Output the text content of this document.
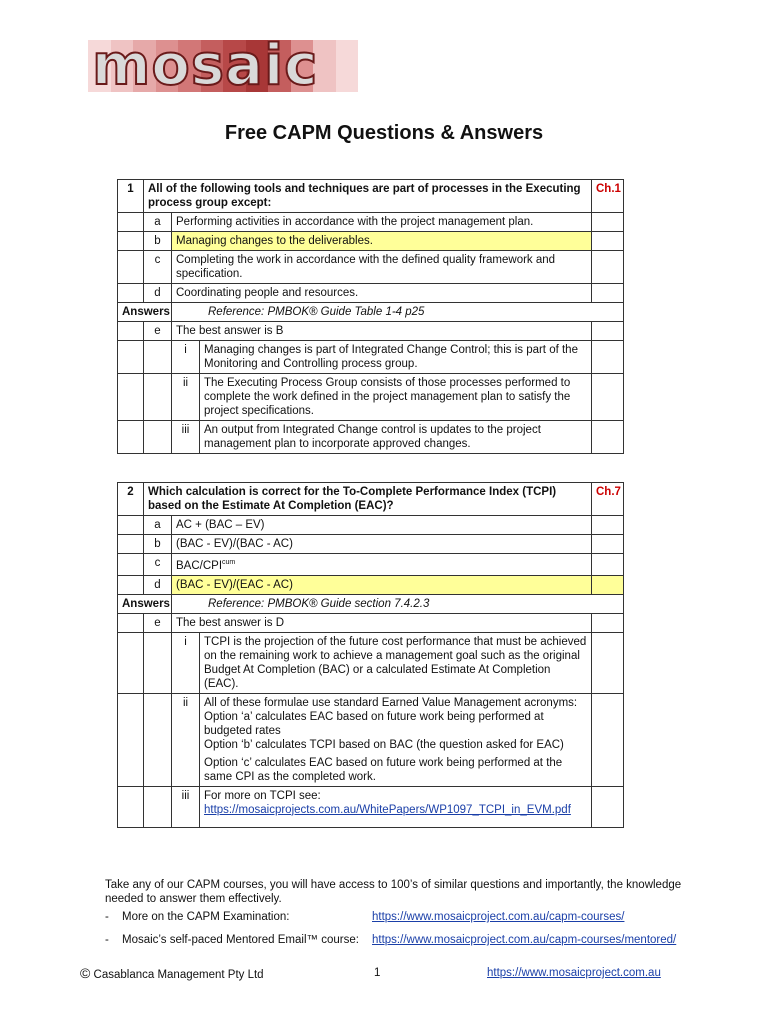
mosaic
Free CAPM Questions & Answers
1	All of the following tools and techniques are part of processes in the Executing process group except:			Ch.1
	a	Performing activities in accordance with the project management plan.		
	b	Managing changes to the deliverables.		
	c	Completing the work in accordance with the defined quality framework and specification.		
	d	Coordinating people and resources.		
Answers		Reference: PMBOK® Guide Table 1-4 p25		
	e	The best answer is B		
		i	Managing changes is part of Integrated Change Control; this is part of the Monitoring and Controlling process group.	
		ii	The Executing Process Group consists of those processes performed to complete the work defined in the project management plan to satisfy the project specifications.	
		iii	An output from Integrated Change control is updates to the project management plan to incorporate approved changes.	
2	Which calculation is correct for the To-Complete Performance Index (TCPI) based on the Estimate At Completion (EAC)?			Ch.7
	a	AC + (BAC – EV)		
	b	(BAC - EV)/(BAC - AC)		
	c	BAC/$CPI^{cum}$	
	d	(BAC - EV)/(EAC - AC)		
Answers		Reference: PMBOK® Guide section 7.4.2.3		
	e	The best answer is D		
		i	TCPI is the projection of the future cost performance that must be achieved on the remaining work to achieve a management goal such as the original Budget At Completion (BAC) or a calculated Estimate At Completion (EAC).	
		ii	All of these formulae use standard Earned Value Management acronyms:

Option ‘a’ calculates EAC based on future work being performed at budgeted rates

Option ‘b’ calculates TCPI based on BAC (the question asked for EAC)

Option ‘c’ calculates EAC based on future work being performed at the same CPI as the completed work.	

		iii	For more on TCPI see:
https://mosaicprojects.com.au/WhitePapers/WP1097_TCPI_in_EVM.pdf	
Take any of our CAPM courses, you will have access to 100’s of similar questions and importantly, the knowledge needed to answer them effectively.
- More on the CAPM Examination:	https://www.mosaicproject.com.au/capm-courses/
- Mosaic’s self-paced Mentored Email™ course: https://www.mosaicproject.com.au/capm-courses/mentored/
© Casablanca Management Pty Ltd	1	https://www.mosaicproject.com.au
